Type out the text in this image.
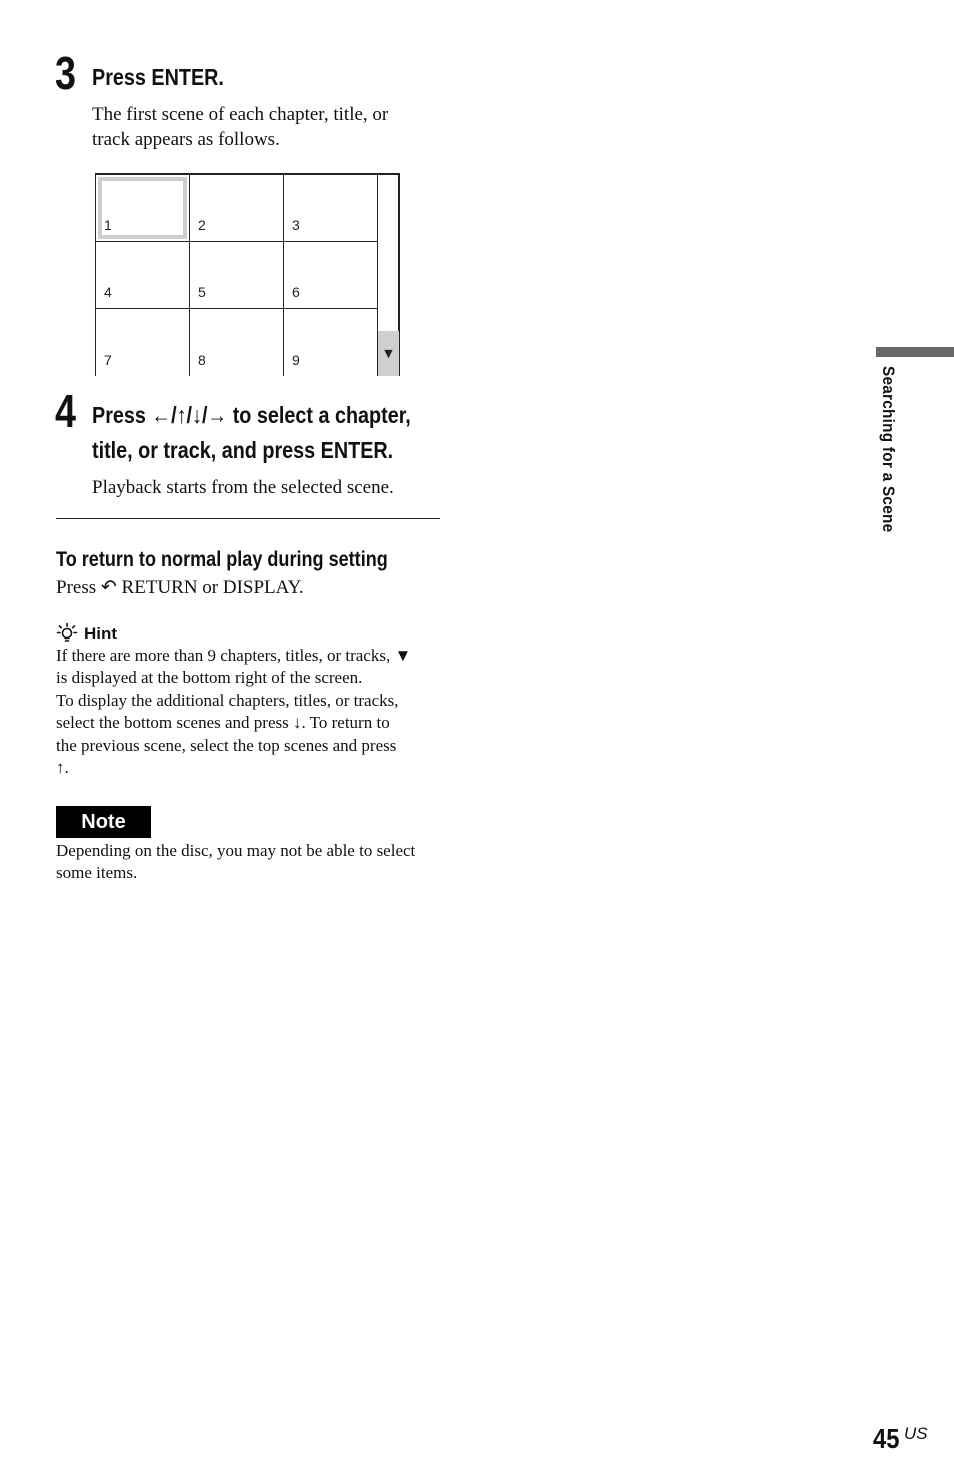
3 Press ENTER.
The first scene of each chapter, title, or
track appears as follows.
1	2	3
4	5	6
7	8	9	▼
4 Press ←/↑/↓/→ to select a chapter,
title, or track, and press ENTER.
Playback starts from the selected scene.
To return to normal play during setting
Press ↶ RETURN or DISPLAY.
Hint
If there are more than 9 chapters, titles, or tracks, ▼
is displayed at the bottom right of the screen.
To display the additional chapters, titles, or tracks,
select the bottom scenes and press ↓. To return to
the previous scene, select the top scenes and press
↑.
Note
Depending on the disc, you may not be able to select
some items.
Searching for a Scene
45 US
